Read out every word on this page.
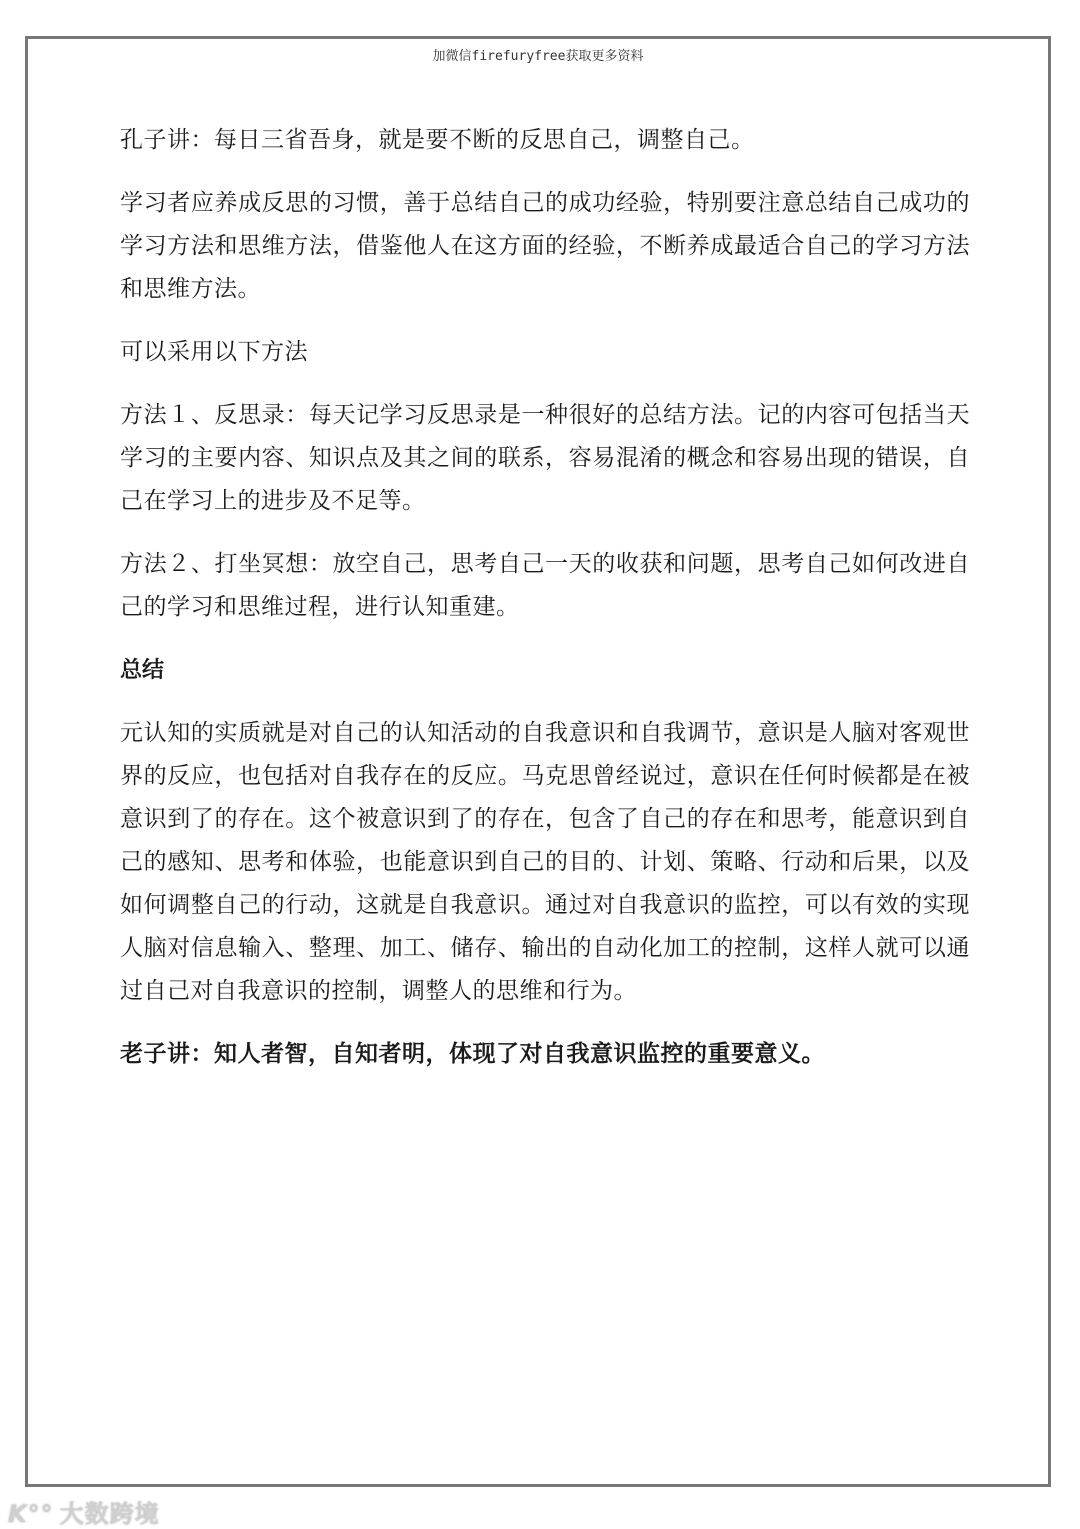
加微信firefuryfree获取更多资料

孔子讲：每日三省吾身，就是要不断的反思自己，调整自己。

学习者应养成反思的习惯，善于总结自己的成功经验，特别要注意总结自己成功的学习方法和思维方法，借鉴他人在这方面的经验，不断养成最适合自己的学习方法和思维方法。

可以采用以下方法

方法１、反思录：每天记学习反思录是一种很好的总结方法。记的内容可包括当天学习的主要内容、知识点及其之间的联系，容易混淆的概念和容易出现的错误，自己在学习上的进步及不足等。

方法２、打坐冥想：放空自己，思考自己一天的收获和问题，思考自己如何改进自己的学习和思维过程，进行认知重建。

总结

元认知的实质就是对自己的认知活动的自我意识和自我调节，意识是人脑对客观世界的反应，也包括对自我存在的反应。马克思曾经说过，意识在任何时候都是在被意识到了的存在。这个被意识到了的存在，包含了自己的存在和思考，能意识到自己的感知、思考和体验，也能意识到自己的目的、计划、策略、行动和后果，以及如何调整自己的行动，这就是自我意识。通过对自我意识的监控，可以有效的实现人脑对信息输入、整理、加工、储存、输出的自动化加工的控制，这样人就可以通过自己对自我意识的控制，调整人的思维和行为。

老子讲：知人者智，自知者明，体现了对自我意识监控的重要意义。

K°° 大数跨境
